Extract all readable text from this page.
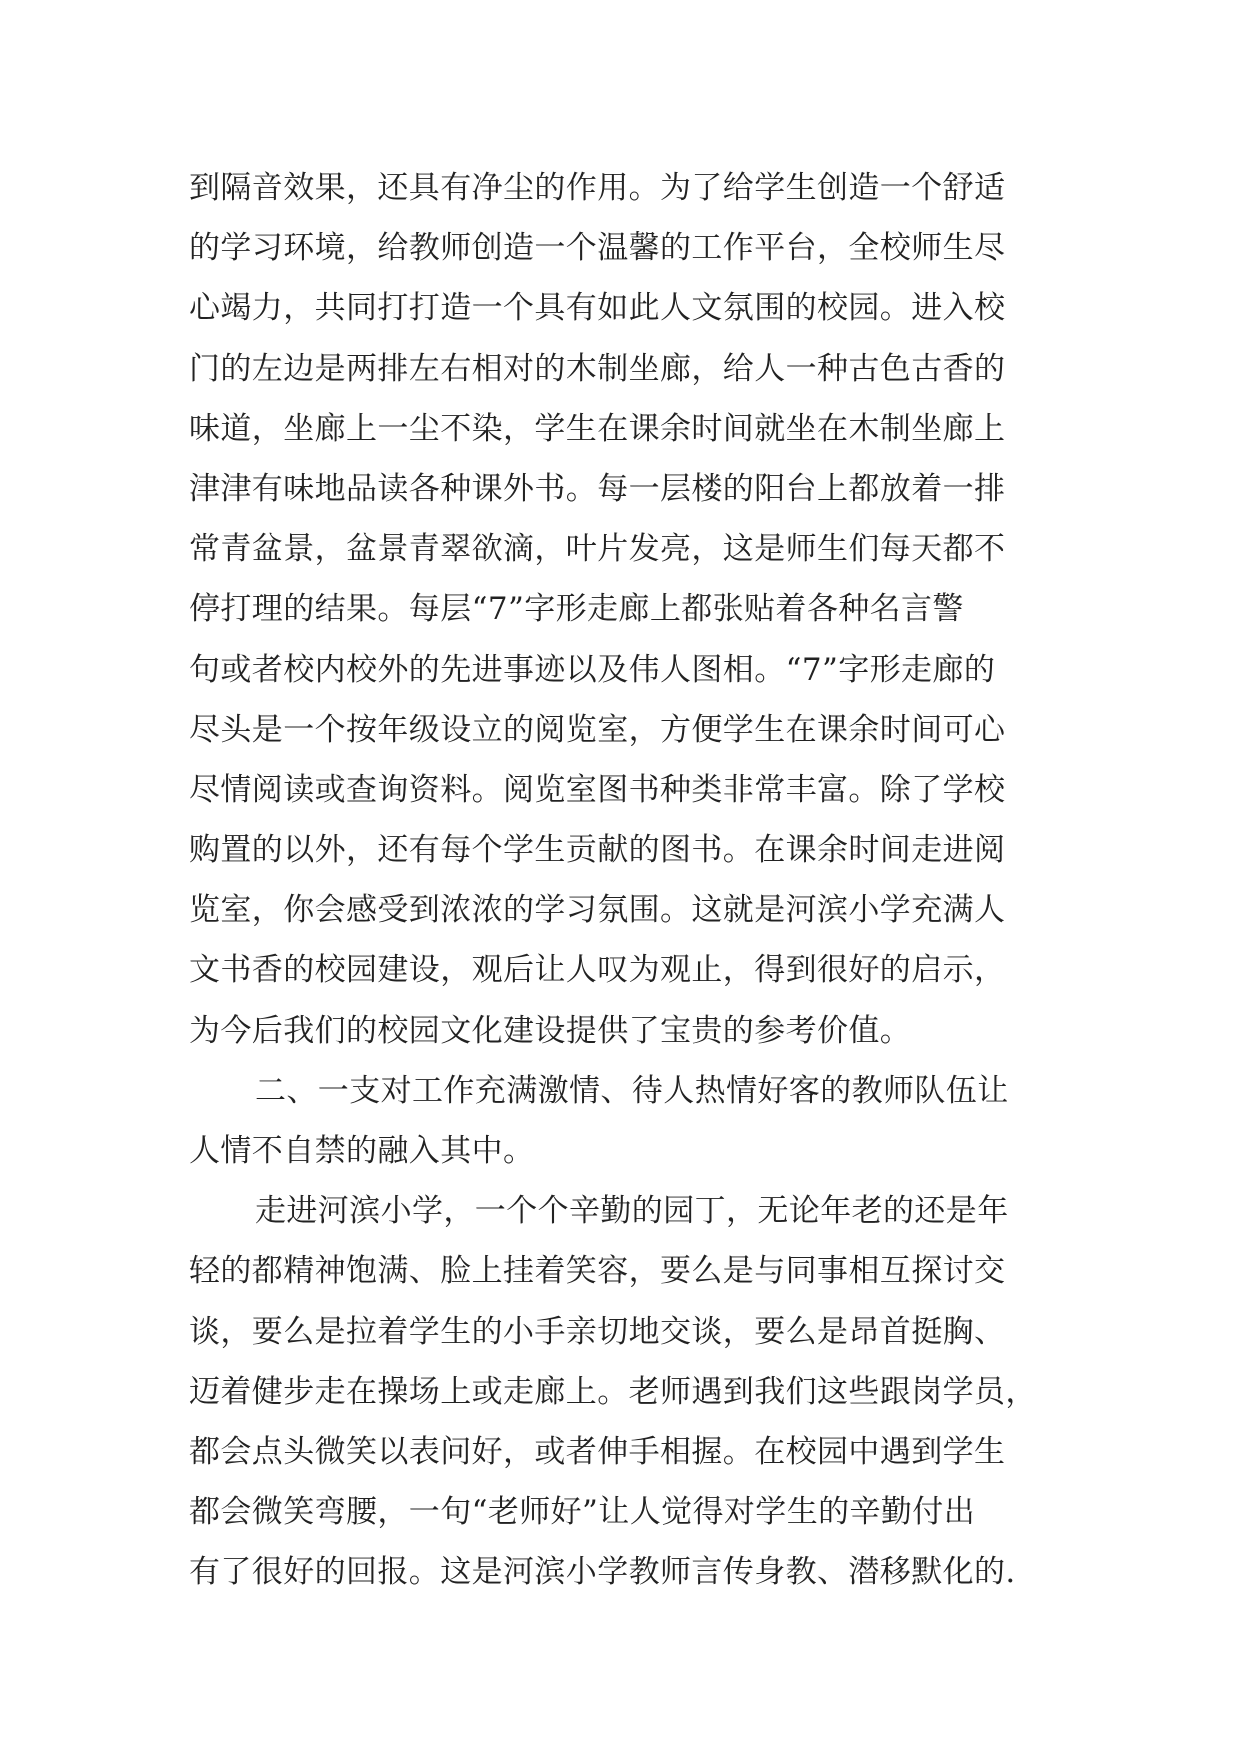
到隔音效果，还具有净尘的作用。为了给学生创造一个舒适
的学习环境，给教师创造一个温馨的工作平台，全校师生尽
心竭力，共同打打造一个具有如此人文氛围的校园。进入校
门的左边是两排左右相对的木制坐廊，给人一种古色古香的
味道，坐廊上一尘不染，学生在课余时间就坐在木制坐廊上
津津有味地品读各种课外书。每一层楼的阳台上都放着一排
常青盆景，盆景青翠欲滴，叶片发亮，这是师生们每天都不
停打理的结果。每层“7”字形走廊上都张贴着各种名言警
句或者校内校外的先进事迹以及伟人图相。“7”字形走廊的
尽头是一个按年级设立的阅览室，方便学生在课余时间可心
尽情阅读或查询资料。阅览室图书种类非常丰富。除了学校
购置的以外，还有每个学生贡献的图书。在课余时间走进阅
览室，你会感受到浓浓的学习氛围。这就是河滨小学充满人
文书香的校园建设，观后让人叹为观止，得到很好的启示，
为今后我们的校园文化建设提供了宝贵的参考价值。
二、一支对工作充满激情、待人热情好客的教师队伍让
人情不自禁的融入其中。
走进河滨小学，一个个辛勤的园丁，无论年老的还是年
轻的都精神饱满、脸上挂着笑容，要么是与同事相互探讨交
谈，要么是拉着学生的小手亲切地交谈，要么是昂首挺胸、
迈着健步走在操场上或走廊上。老师遇到我们这些跟岗学员，
都会点头微笑以表问好，或者伸手相握。在校园中遇到学生
都会微笑弯腰，一句“老师好”让人觉得对学生的辛勤付出
有了很好的回报。这是河滨小学教师言传身教、潜移默化的.
